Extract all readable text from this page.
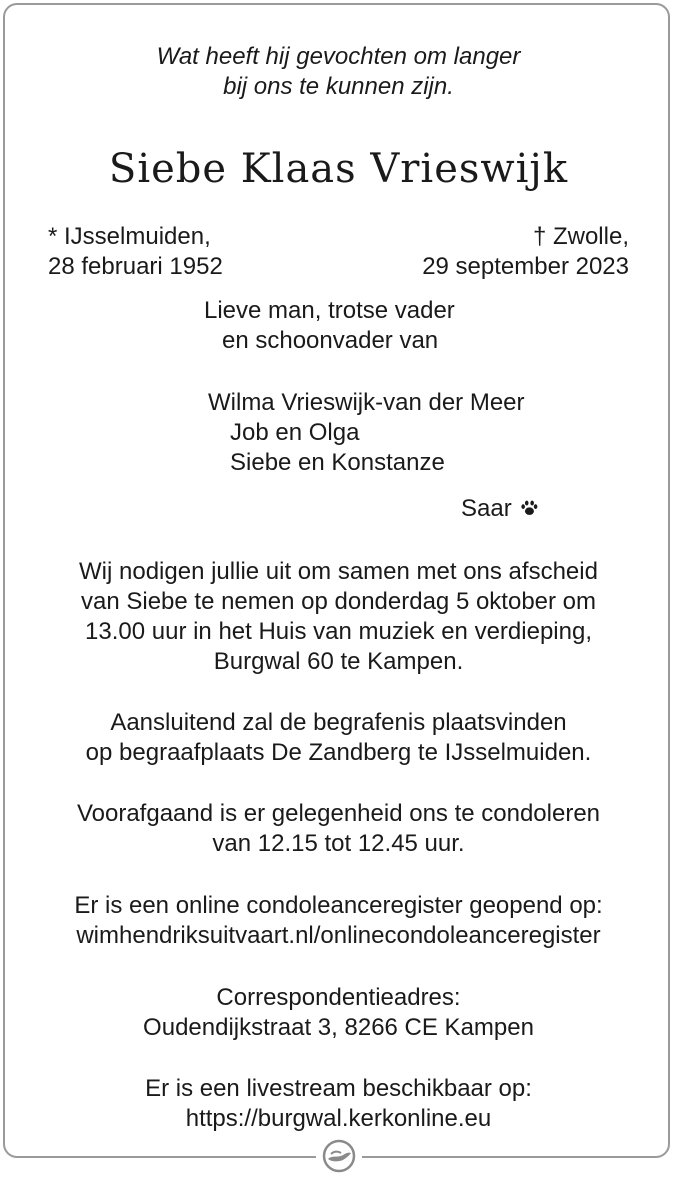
Wat heeft hij gevochten om langer
bij ons te kunnen zijn.
Siebe Klaas Vrieswijk
* IJsselmuiden,
28 februari 1952
† Zwolle,
29 september 2023
Lieve man, trotse vader
en schoonvader van
Wilma Vrieswijk-van der Meer
Job en Olga
Siebe en Konstanze
Saar
Wij nodigen jullie uit om samen met ons afscheid
van Siebe te nemen op donderdag 5 oktober om
13.00 uur in het Huis van muziek en verdieping,
Burgwal 60 te Kampen.
Aansluitend zal de begrafenis plaatsvinden
op begraafplaats De Zandberg te IJsselmuiden.
Voorafgaand is er gelegenheid ons te condoleren
van 12.15 tot 12.45 uur.
Er is een online condoleanceregister geopend op:
wimhendriksuitvaart.nl/onlinecondoleanceregister
Correspondentieadres:
Oudendijkstraat 3, 8266 CE Kampen
Er is een livestream beschikbaar op:
https://burgwal.kerkonline.eu
